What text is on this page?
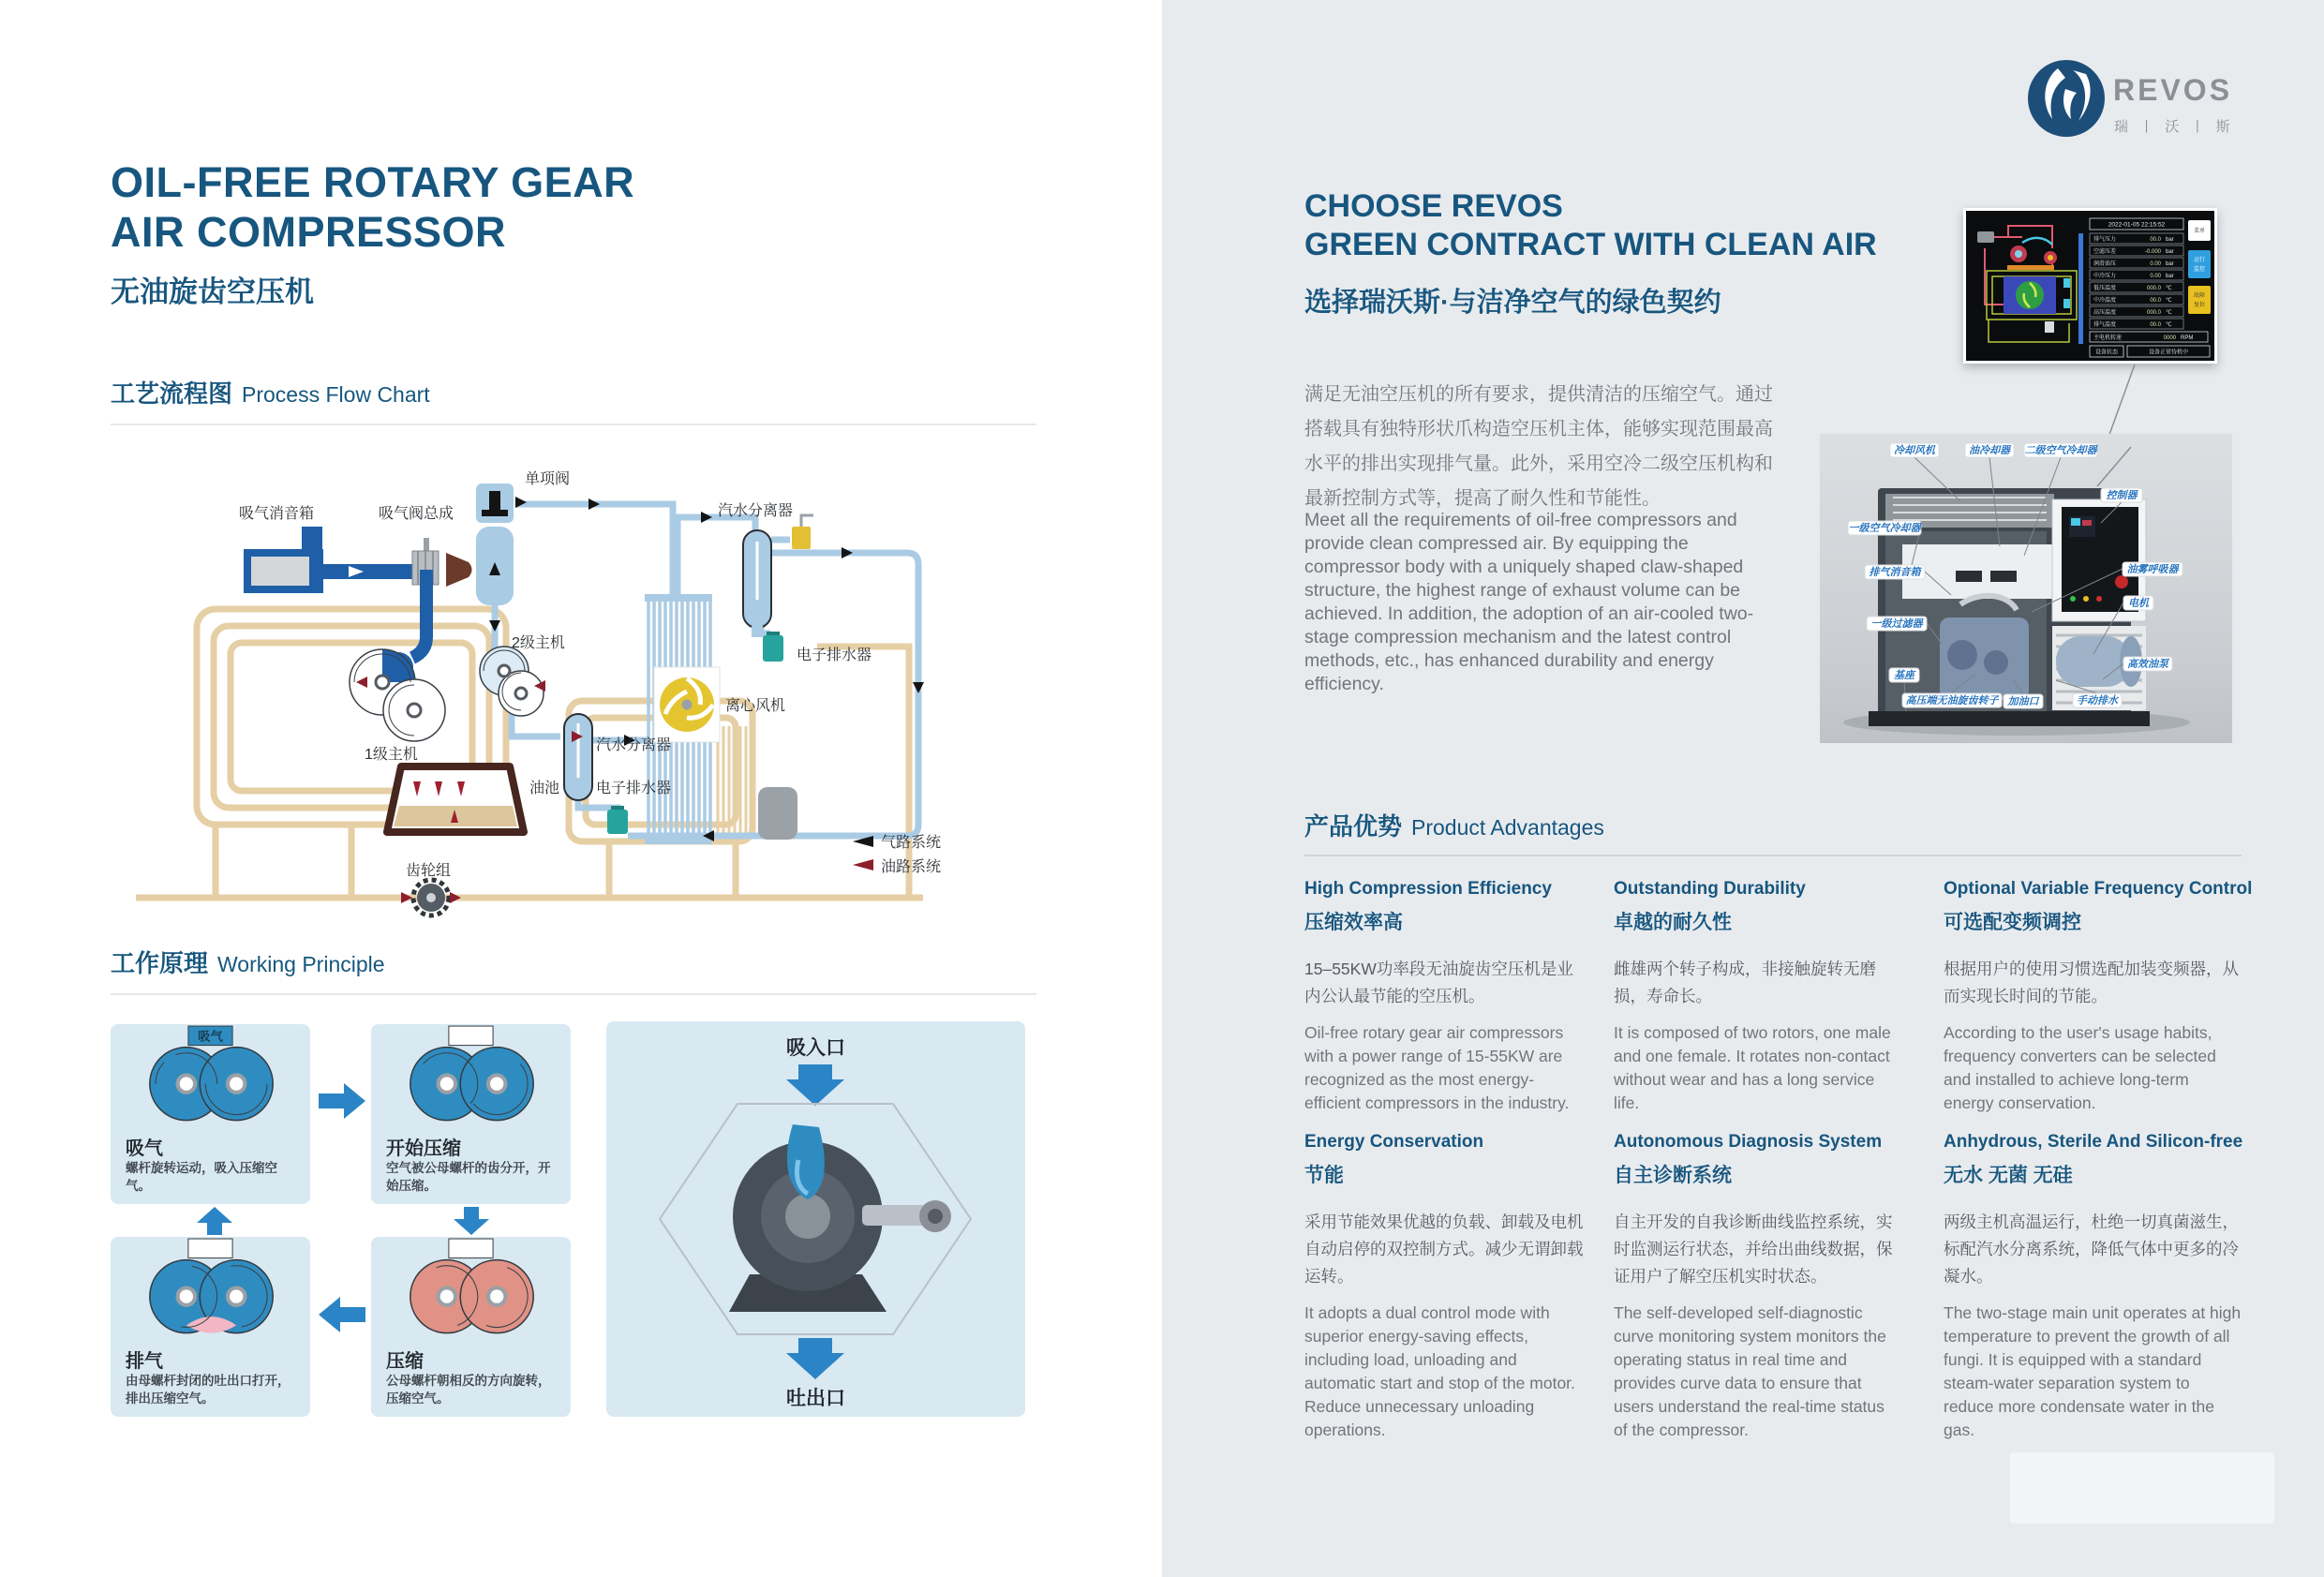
OIL-FREE ROTARY GEAR
AIR COMPRESSOR
无油旋齿空压机
工艺流程图 Process Flow Chart
吸气消音箱	吸气阀总成
单项阀
汽水分离器
电子排水器
2级主机
1级主机
汽水分离器
油池 电子排水器
离心风机
齿轮组
气路系统
油路系统
工作原理 Working Principle
吸气
吸气
螺杆旋转运动，吸入压缩空气。
开始压缩
空气被公母螺杆的齿分开，开始压缩。
排气
由母螺杆封闭的吐出口打开，排出压缩空气。
压缩
公母螺杆朝相反的方向旋转，压缩空气。
吸入口
吐出口
REVOS
瑞 丨 沃 丨 斯
CHOOSE REVOS
GREEN CONTRACT WITH CLEAN AIR
选择瑞沃斯·与洁净空气的绿色契约
满足无油空压机的所有要求，提供清洁的压缩空气。通过搭载具有独特形状爪构造空压机主体，能够实现范围最高水平的排出实现排气量。此外，采用空冷二级空压机构和最新控制方式等，提高了耐久性和节能性。
Meet all the requirements of oil-free compressors and provide clean compressed air. By equipping the compressor body with a uniquely shaped claw-shaped structure, the highest range of exhaust volume can be achieved. In addition, the adoption of an air-cooled two-stage compression mechanism and the latest control methods, etc., has enhanced durability and energy efficiency.
2022-01-05 22:15:52
排气压力	00.0 bar
空滤压差	-0.000 bar
润滑油压	0.00 bar
中冷压力	0.00 bar
低压温度	000.0 ℃
中冷温度	00.0 ℃
高压温度	000.0 ℃
排气温度	00.0 ℃
主电机转速	0000 RPM
设备状态	设备正常待机中
菜单
运行
监控
故障
复位
冷却风机	油冷却器 二级空气冷却器
控制器
一级空气冷却器
排气消音箱	油雾呼吸器
电机
一级过滤器
高效油泵
基座
高压端无油旋齿转子 加油口	手动排水
产品优势 Product Advantages
High Compression Efficiency
压缩效率高
15–55KW功率段无油旋齿空压机是业内公认最节能的空压机。
Oil-free rotary gear air compressors with a power range of 15-55KW are recognized as the most energy-efficient compressors in the industry.
Outstanding Durability
卓越的耐久性
雌雄两个转子构成，非接触旋转无磨损，寿命长。
It is composed of two rotors, one male and one female. It rotates non-contact without wear and has a long service life.
Optional Variable Frequency Control
可选配变频调控
根据用户的使用习惯选配加装变频器，从而实现长时间的节能。
According to the user's usage habits, frequency converters can be selected and installed to achieve long-term energy conservation.
Energy Conservation
节能
采用节能效果优越的负载、卸载及电机自动启停的双控制方式。减少无谓卸载运转。
It adopts a dual control mode with superior energy-saving effects, including load, unloading and automatic start and stop of the motor. Reduce unnecessary unloading operations.
Autonomous Diagnosis System
自主诊断系统
自主开发的自我诊断曲线监控系统，实时监测运行状态，并给出曲线数据，保证用户了解空压机实时状态。
The self-developed self-diagnostic curve monitoring system monitors the operating status in real time and provides curve data to ensure that users understand the real-time status of the compressor.
Anhydrous, Sterile And Silicon-free
无水 无菌 无硅
两级主机高温运行，杜绝一切真菌滋生，标配汽水分离系统，降低气体中更多的冷凝水。
The two-stage main unit operates at high temperature to prevent the growth of all fungi. It is equipped with a standard steam-water separation system to reduce more condensate water in the gas.
